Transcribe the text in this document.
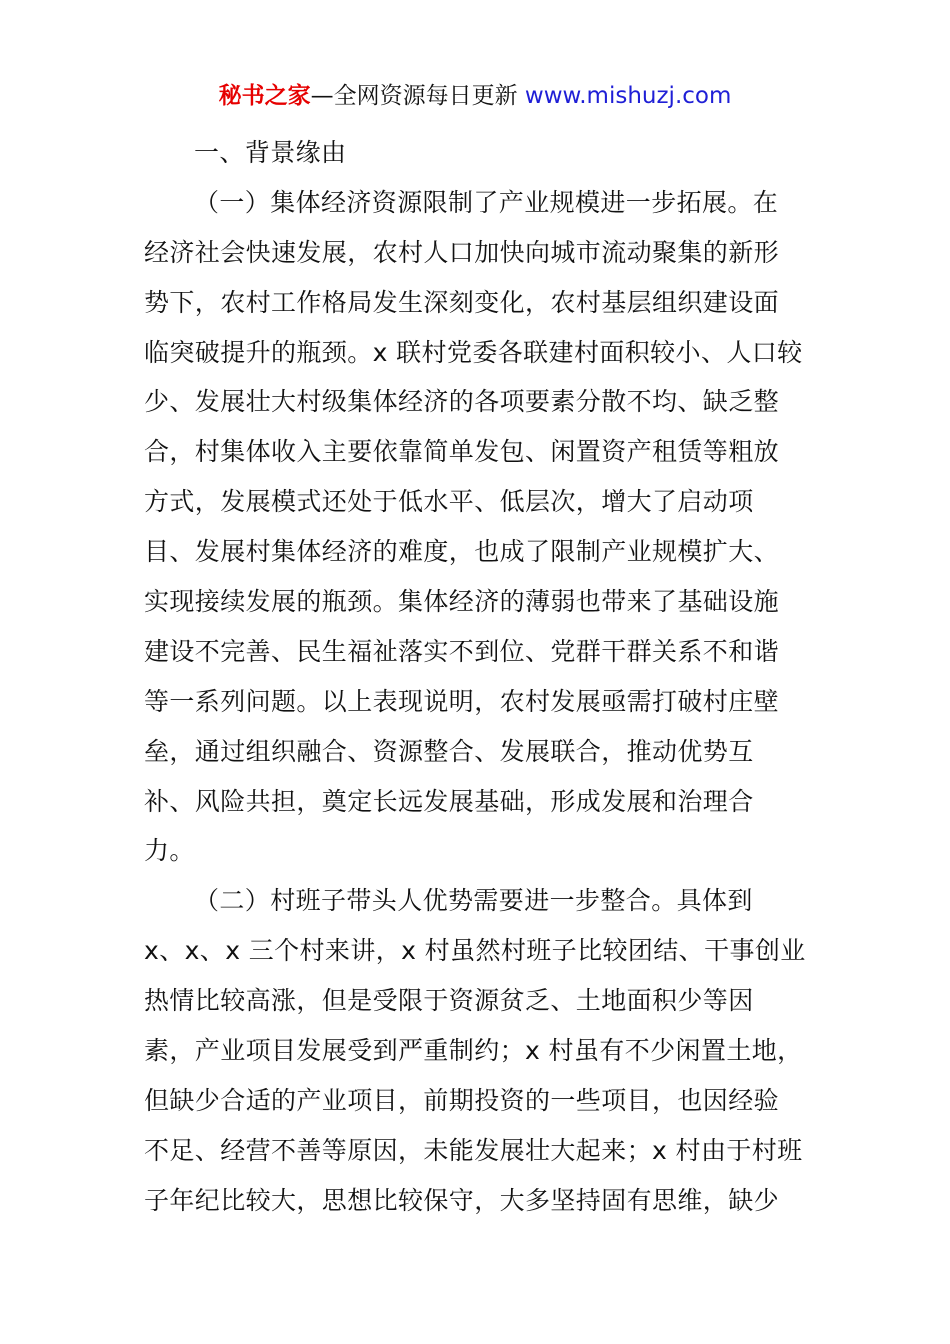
秘书之家—全网资源每日更新 www.mishuzj.com
一、背景缘由
（一）集体经济资源限制了产业规模进一步拓展。在
经济社会快速发展，农村人口加快向城市流动聚集的新形
势下，农村工作格局发生深刻变化，农村基层组织建设面
临突破提升的瓶颈。x 联村党委各联建村面积较小、人口较
少、发展壮大村级集体经济的各项要素分散不均、缺乏整
合，村集体收入主要依靠简单发包、闲置资产租赁等粗放
方式，发展模式还处于低水平、低层次，增大了启动项
目、发展村集体经济的难度，也成了限制产业规模扩大、
实现接续发展的瓶颈。集体经济的薄弱也带来了基础设施
建设不完善、民生福祉落实不到位、党群干群关系不和谐
等一系列问题。以上表现说明，农村发展亟需打破村庄壁
垒，通过组织融合、资源整合、发展联合，推动优势互
补、风险共担，奠定长远发展基础，形成发展和治理合
力。
（二）村班子带头人优势需要进一步整合。具体到
x、x、x 三个村来讲，x 村虽然村班子比较团结、干事创业
热情比较高涨，但是受限于资源贫乏、土地面积少等因
素，产业项目发展受到严重制约；x 村虽有不少闲置土地，
但缺少合适的产业项目，前期投资的一些项目，也因经验
不足、经营不善等原因，未能发展壮大起来；x 村由于村班
子年纪比较大，思想比较保守，大多坚持固有思维，缺少
